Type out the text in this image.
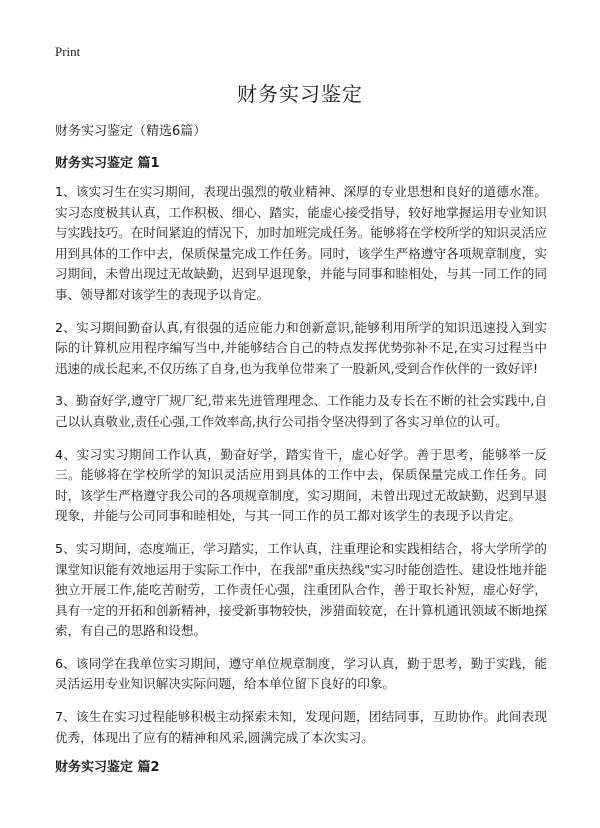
Print
财务实习鉴定

财务实习鉴定（精选6篇）

财务实习鉴定 篇1

1、该实习生在实习期间，表现出强烈的敬业精神、深厚的专业思想和良好的道德水准。实习态度极其认真，工作积极、细心、踏实，能虚心接受指导，较好地掌握运用专业知识与实践技巧。在时间紧迫的情况下，加时加班完成任务。能够将在学校所学的知识灵活应用到具体的工作中去，保质保量完成工作任务。同时，该学生严格遵守各项规章制度，实习期间，未曾出现过无故缺勤，迟到早退现象，并能与同事和睦相处，与其一同工作的同事、领导都对该学生的表现予以肯定。

2、实习期间勤奋认真,有很强的适应能力和创新意识,能够利用所学的知识迅速投入到实际的计算机应用程序编写当中,并能够结合自己的特点发挥优势弥补不足,在实习过程当中迅速的成长起来,不仅历练了自身,也为我单位带来了一股新风,受到合作伙伴的一致好评!

3、勤奋好学,遵守厂规厂纪,带来先进管理理念、工作能力及专长在不断的社会实践中,自己以认真敬业,责任心强,工作效率高,执行公司指令坚决得到了各实习单位的认可。

4、实习实习期间工作认真，勤奋好学，踏实肯干，虚心好学。善于思考，能够举一反三。能够将在学校所学的知识灵活应用到具体的工作中去，保质保量完成工作任务。同时，该学生严格遵守我公司的各项规章制度，实习期间，未曾出现过无故缺勤，迟到早退现象，并能与公司同事和睦相处，与其一同工作的员工都对该学生的表现予以肯定。

5、实习期间，态度端正，学习踏实，工作认真，注重理论和实践相结合，将大学所学的课堂知识能有效地运用于实际工作中，在我部"重庆热线"实习时能创造性、建设性地并能独立开展工作,能吃苦耐劳，工作责任心强，注重团队合作，善于取长补短，虚心好学，具有一定的开拓和创新精神，接受新事物较快，涉猎面较宽，在计算机通讯领域不断地探索，有自己的思路和设想。

6、该同学在我单位实习期间，遵守单位规章制度，学习认真，勤于思考，勤于实践，能灵活运用专业知识解决实际问题，给本单位留下良好的印象。

7、该生在实习过程能够积极主动探索未知，发现问题，团结同事，互助协作。此间表现优秀，体现出了应有的精神和风采,圆满完成了本次实习。

财务实习鉴定 篇2
